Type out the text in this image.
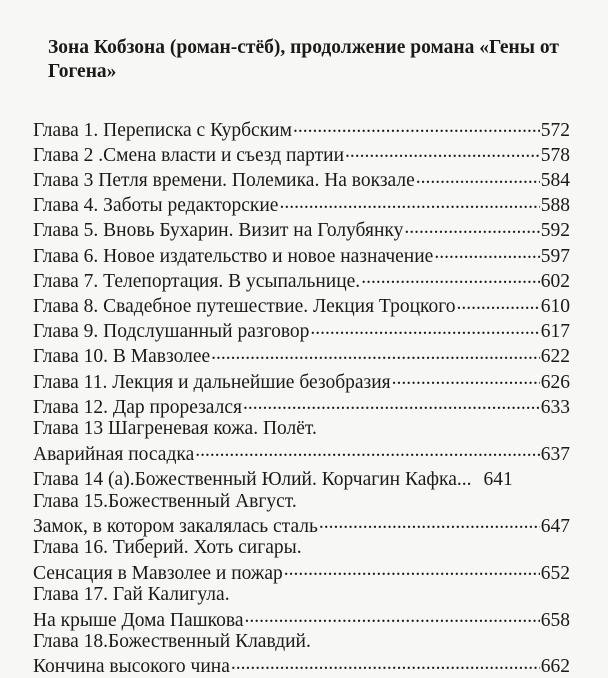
Зона Кобзона (роман-стёб), продолжение романа «Гены от Гогена»
Глава 1. Переписка с Курбским .....	572
Глава 2 .Смена власти и съезд партии .....	578
Глава 3 Петля времени. Полемика. На вокзале .....	584
Глава 4. Заботы редакторские .....	588
Глава 5. Вновь Бухарин. Визит на Голубянку .....	592
Глава 6. Новое издательство и новое назначение .....	597
Глава 7. Телепортация. В усыпальнице. .....	602
Глава 8. Свадебное путешествие. Лекция Троцкого .....	610
Глава 9. Подслушанный разговор .....	617
Глава 10. В Мавзолее .....	622
Глава 11. Лекция и дальнейшие безобразия .....	626
Глава 12. Дар прорезался .....	633
Глава 13 Шагреневая кожа. Полёт.
Аварийная посадка .....	637
Глава 14 (а).Божественный Юлий. Корчагин Кафка... 641
Глава 15.Божественный Август.
Замок, в котором закалялась сталь .....	647
Глава 16. Тиберий. Хоть сигары.
Сенсация в Мавзолее и пожар .....	652
Глава 17. Гай Калигула.
На крыше Дома Пашкова .....	658
Глава 18.Божественный Клавдий.
Кончина высокого чина .....	662
